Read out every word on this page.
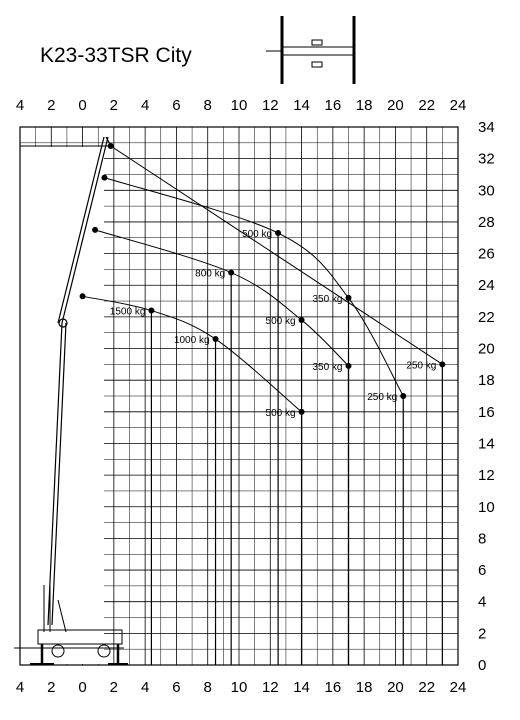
K23-33TSR City
4 2 0 2 4 6 8 10 12 14 16 18 20 22 24
4 2 0 2 4 6 8 10 12 14 16 18 20 22 24
0
2
4
6
8
10
12
14
16
18
20
22
24
26
28
30
32
34
1500 kg
1000 kg
500 kg
800 kg
500 kg
350 kg
500 kg
350 kg
250 kg
250 kg
